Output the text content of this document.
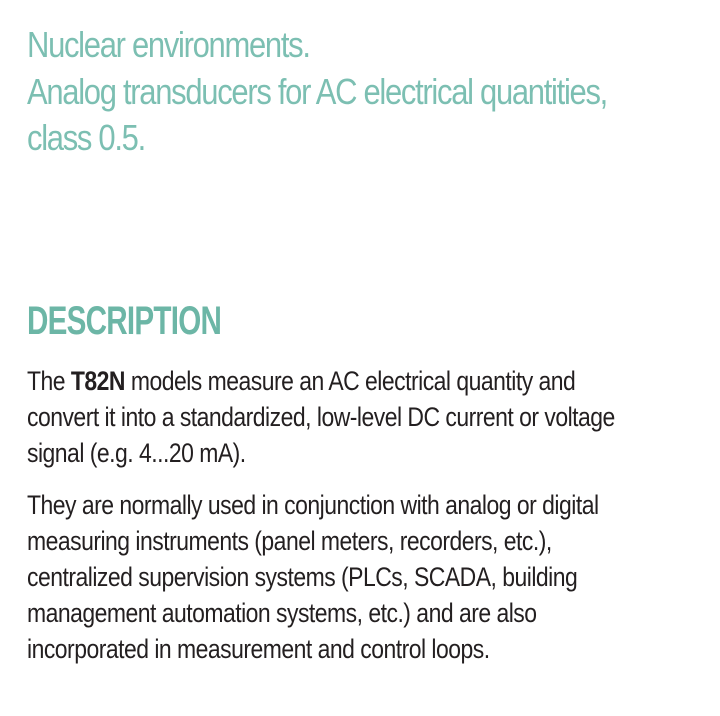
Nuclear environments.
Analog transducers for AC electrical quantities,
class 0.5.
DESCRIPTION

The T82N models measure an AC electrical quantity and
convert it into a standardized, low-level DC current or voltage
signal (e.g. 4...20 mA).

They are normally used in conjunction with analog or digital
measuring instruments (panel meters, recorders, etc.),
centralized supervision systems (PLCs, SCADA, building
management automation systems, etc.) and are also
incorporated in measurement and control loops.
